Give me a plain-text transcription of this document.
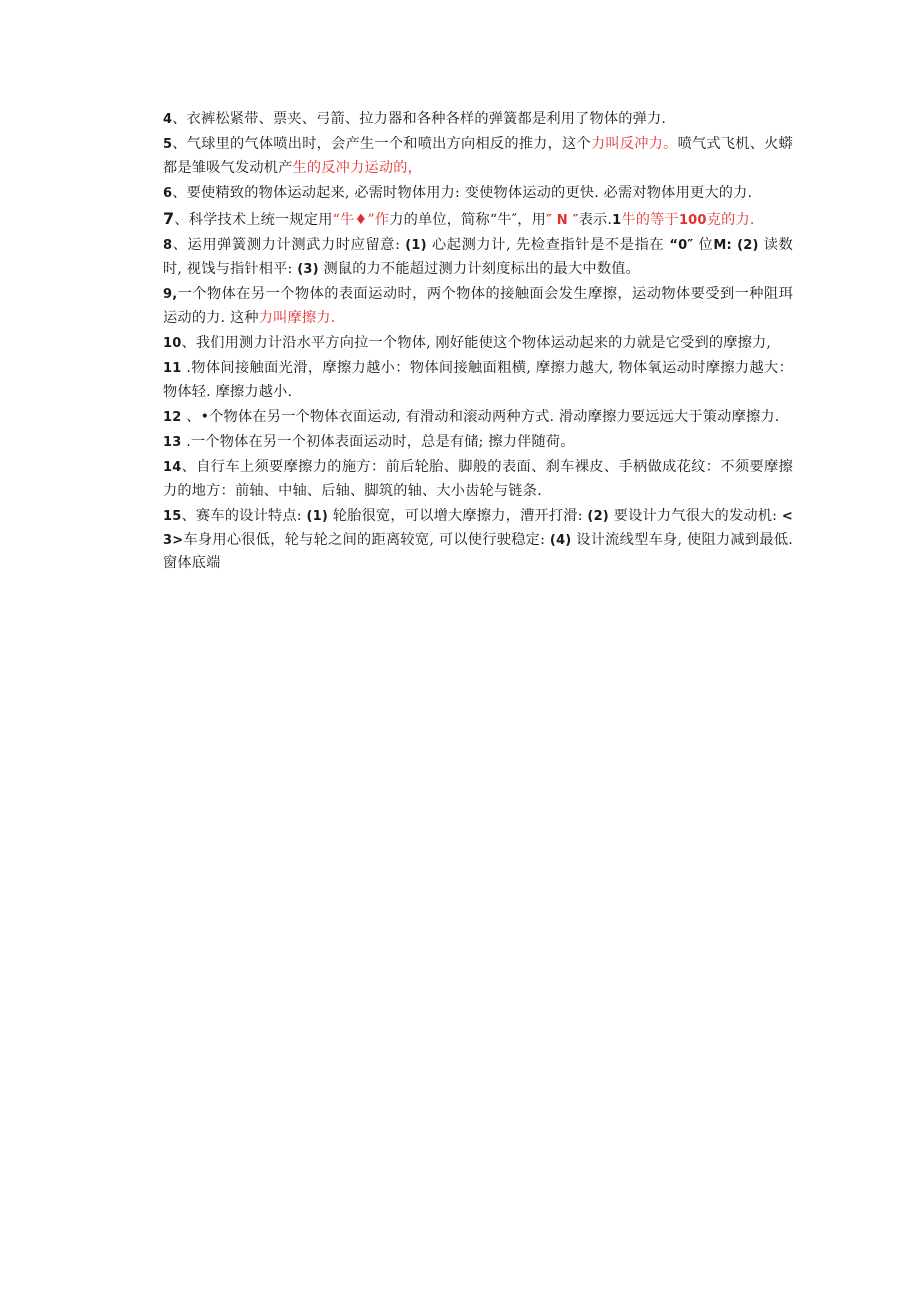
4、衣裤松紧带、票夹、弓箭、拉力器和各种各样的弹簧都是利用了物体的弹力.

5、气球里的气体喷出时，会产生一个和喷出方向相反的推力，这个力叫反冲力。喷气式飞机、火蟒都是雏吸气发动机产生的反冲力运动的，

6、要使精致的物体运动起来, 必需时物体用力: 变使物体运动的更快. 必需对物体用更大的力.

7、科学技术上统一规定用“牛♦”作力的单位，简称“牛″，用″ N ″表示.1牛的等于100克的力.

8、运用弹簧测力计测武力时应留意: (1) 心起测力计, 先检查指针是不是指在 “0″ 位M: (2) 读数时, 视饯与指针相平: (3) 测鼠的力不能超过测力计刻度标出的最大中数值。

9,一个物体在另一个物体的表面运动时，两个物体的接触面会发生摩擦，运动物体要受到一种阻珥运动的力. 这种力叫摩擦力.

10、我们用测力计沿水平方向拉一个物体, 刚好能使这个物体运动起来的力就是它受到的摩擦力,

11 .物体间接触面光滑，摩擦力越小：物体间接触面粗横, 摩擦力越大, 物体氧运动时摩擦力越大：物体轻. 摩擦力越小.

12 、•个物体在另一个物体衣面运动, 有滑动和滚动两种方式. 滑动摩擦力要远远大于策动摩擦力.

13 .一个物体在另一个初体表面运动时，总是有储; 擦力伴随荷。

14、自行车上须要摩擦力的施方：前后轮胎、脚般的表面、刹车裸皮、手柄做成花纹：不须要摩擦力的地方：前轴、中轴、后轴、脚筑的轴、大小齿轮与链条.

15、赛车的设计特点: (1) 轮胎很宽，可以增大摩擦力，漕开打滑: (2) 要设计力气很大的发动机: <3>车身用心很低，轮与轮之间的距离较宽, 可以使行驶稳定: (4) 设计流线型车身, 使阻力减到最低. 窗体底端
